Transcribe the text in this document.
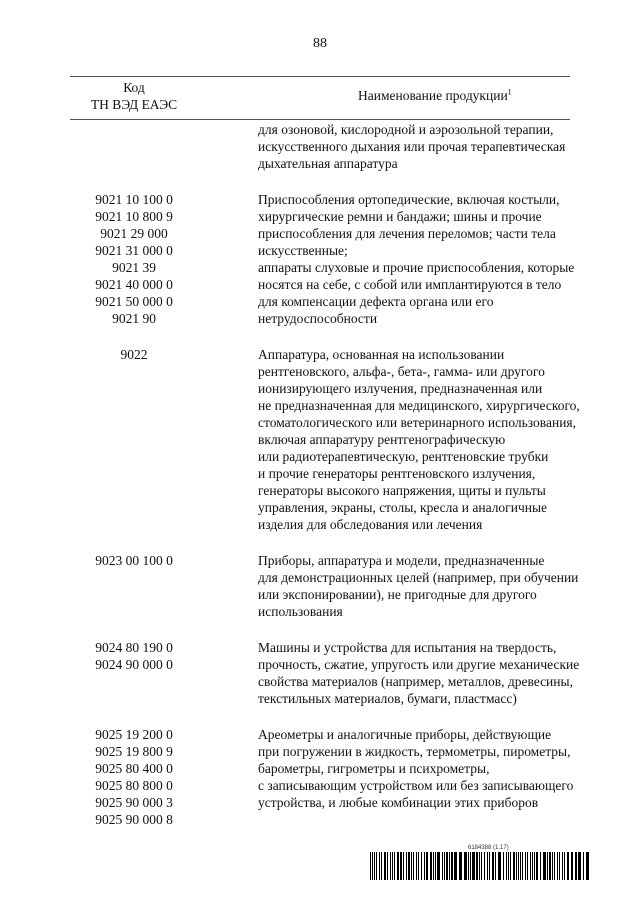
88
Код
ТН ВЭД ЕАЭС
Наименование продукции$^1$
для озоновой, кислородной и аэрозольной терапии,
искусственного дыхания или прочая терапевтическая
дыхательная аппаратура
9021 10 100 0
9021 10 800 9
9021 29 000
9021 31 000 0
9021 39
9021 40 000 0
9021 50 000 0
9021 90
Приспособления ортопедические, включая костыли,
хирургические ремни и бандажи; шины и прочие
приспособления для лечения переломов; части тела
искусственные;
аппараты слуховые и прочие приспособления, которые
носятся на себе, с собой или имплантируются в тело
для компенсации дефекта органа или его
нетрудоспособности
9022	Аппаратура, основанная на использовании
рентгеновского, альфа-, бета-, гамма- или другого
ионизирующего излучения, предназначенная или
не предназначенная для медицинского, хирургического,
стоматологического или ветеринарного использования,
включая аппаратуру рентгенографическую
или радиотерапевтическую, рентгеновские трубки
и прочие генераторы рентгеновского излучения,
генераторы высокого напряжения, щиты и пульты
управления, экраны, столы, кресла и аналогичные
изделия для обследования или лечения
9023 00 100 0	Приборы, аппаратура и модели, предназначенные
для демонстрационных целей (например, при обучении
или экспонировании), не пригодные для другого
использования
9024 80 190 0
9024 90 000 0
Машины и устройства для испытания на твердость,
прочность, сжатие, упругость или другие механические
свойства материалов (например, металлов, древесины,
текстильных материалов, бумаги, пластмасс)
9025 19 200 0
9025 19 800 9
9025 80 400 0
9025 80 800 0
9025 90 000 3
9025 90 000 8
Ареометры и аналогичные приборы, действующие
при погружении в жидкость, термометры, пирометры,
барометры, гигрометры и психрометры,
с записывающим устройством или без записывающего
устройства, и любые комбинации этих приборов
6184388 (1.17)
